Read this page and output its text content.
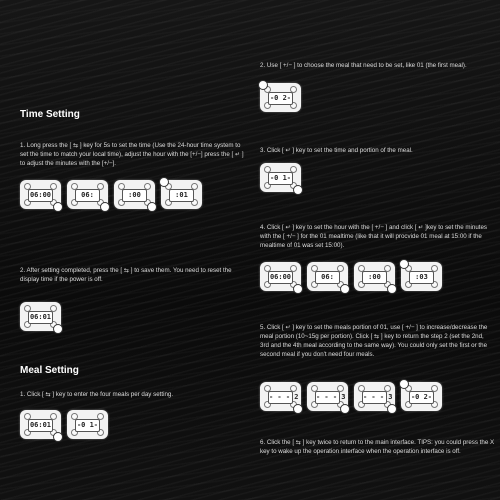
Time Setting
1. Long press the [ ⇆ ] key for 5s to set the time (Use the 24-hour time system to set the time to match your local time), adjust the hour with the [+/−] press the [ ↵ ] to adjust the minutes with the [+/−].
06:00	06:	:00	:01
2. After setting completed, press the [ ⇆ ] to save them. You need to reset the display time if the power is off.
06:01
Meal Setting
1. Click [ ⇆ ] key to enter the four meals per day setting.
06:01	-0 1-
2. Use [ +/− ] to choose the meal that need to be set, like 01 (the first meal).
-0 2-
3. Click [ ↵ ] key to set the time and portion of the meal.
-0 1-
4. Click [ ↵ ] key to set the hour with the [ +/− ] and click [ ↵ ]key to set the minutes with the [ +/− ] for the 01 mealtime (like that it will procvide 01 meal at 15:00 if the mealtime of 01 was set 15:00).
06:00	06:	:00	:03
5. Click [ ↵ ] key to set the meals portion of 01, use [ +/− ] to increase/decrease the meal portion (10~15g per portion). Click [ ⇆ ] key to return the step 2 (set the 2nd, 3rd and the 4th meal according to the same way). You could only set the first or the second meal if you don't need four meals.
- - - 2 - - - 3 - - - 3	-0 2-
6. Click the [ ⇆ ] key twice to return to the main interface. TIPS: you could press the X key to wake up the operation interface when the operation interface is off.
